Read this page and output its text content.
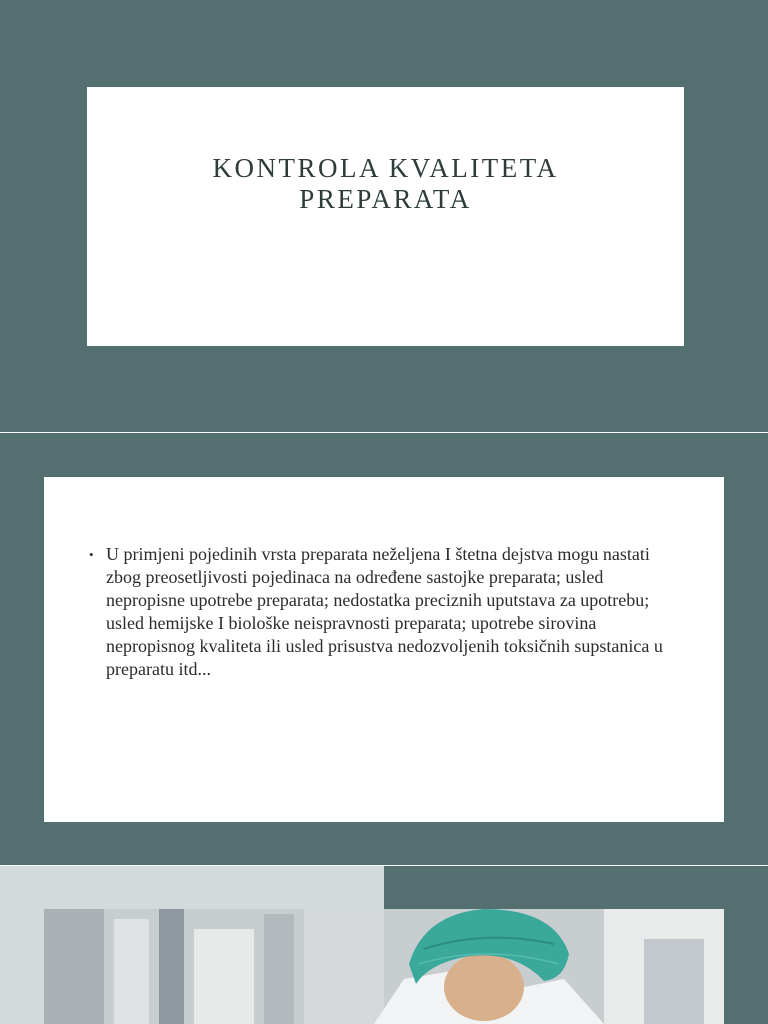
KONTROLA KVALITETA PREPARATA
• U primjeni pojedinih vrsta preparata neželjena I štetna dejstva mogu nastati zbog preosetljivosti pojedinaca na određene sastojke preparata; usled nepropisne upotrebe preparata; nedostatka preciznih uputstava za upotrebu; usled hemijske I biološke neispravnosti preparata; upotrebe sirovina nepropisnog kvaliteta ili usled prisustva nedozvoljenih toksičnih supstanica u preparatu itd...
